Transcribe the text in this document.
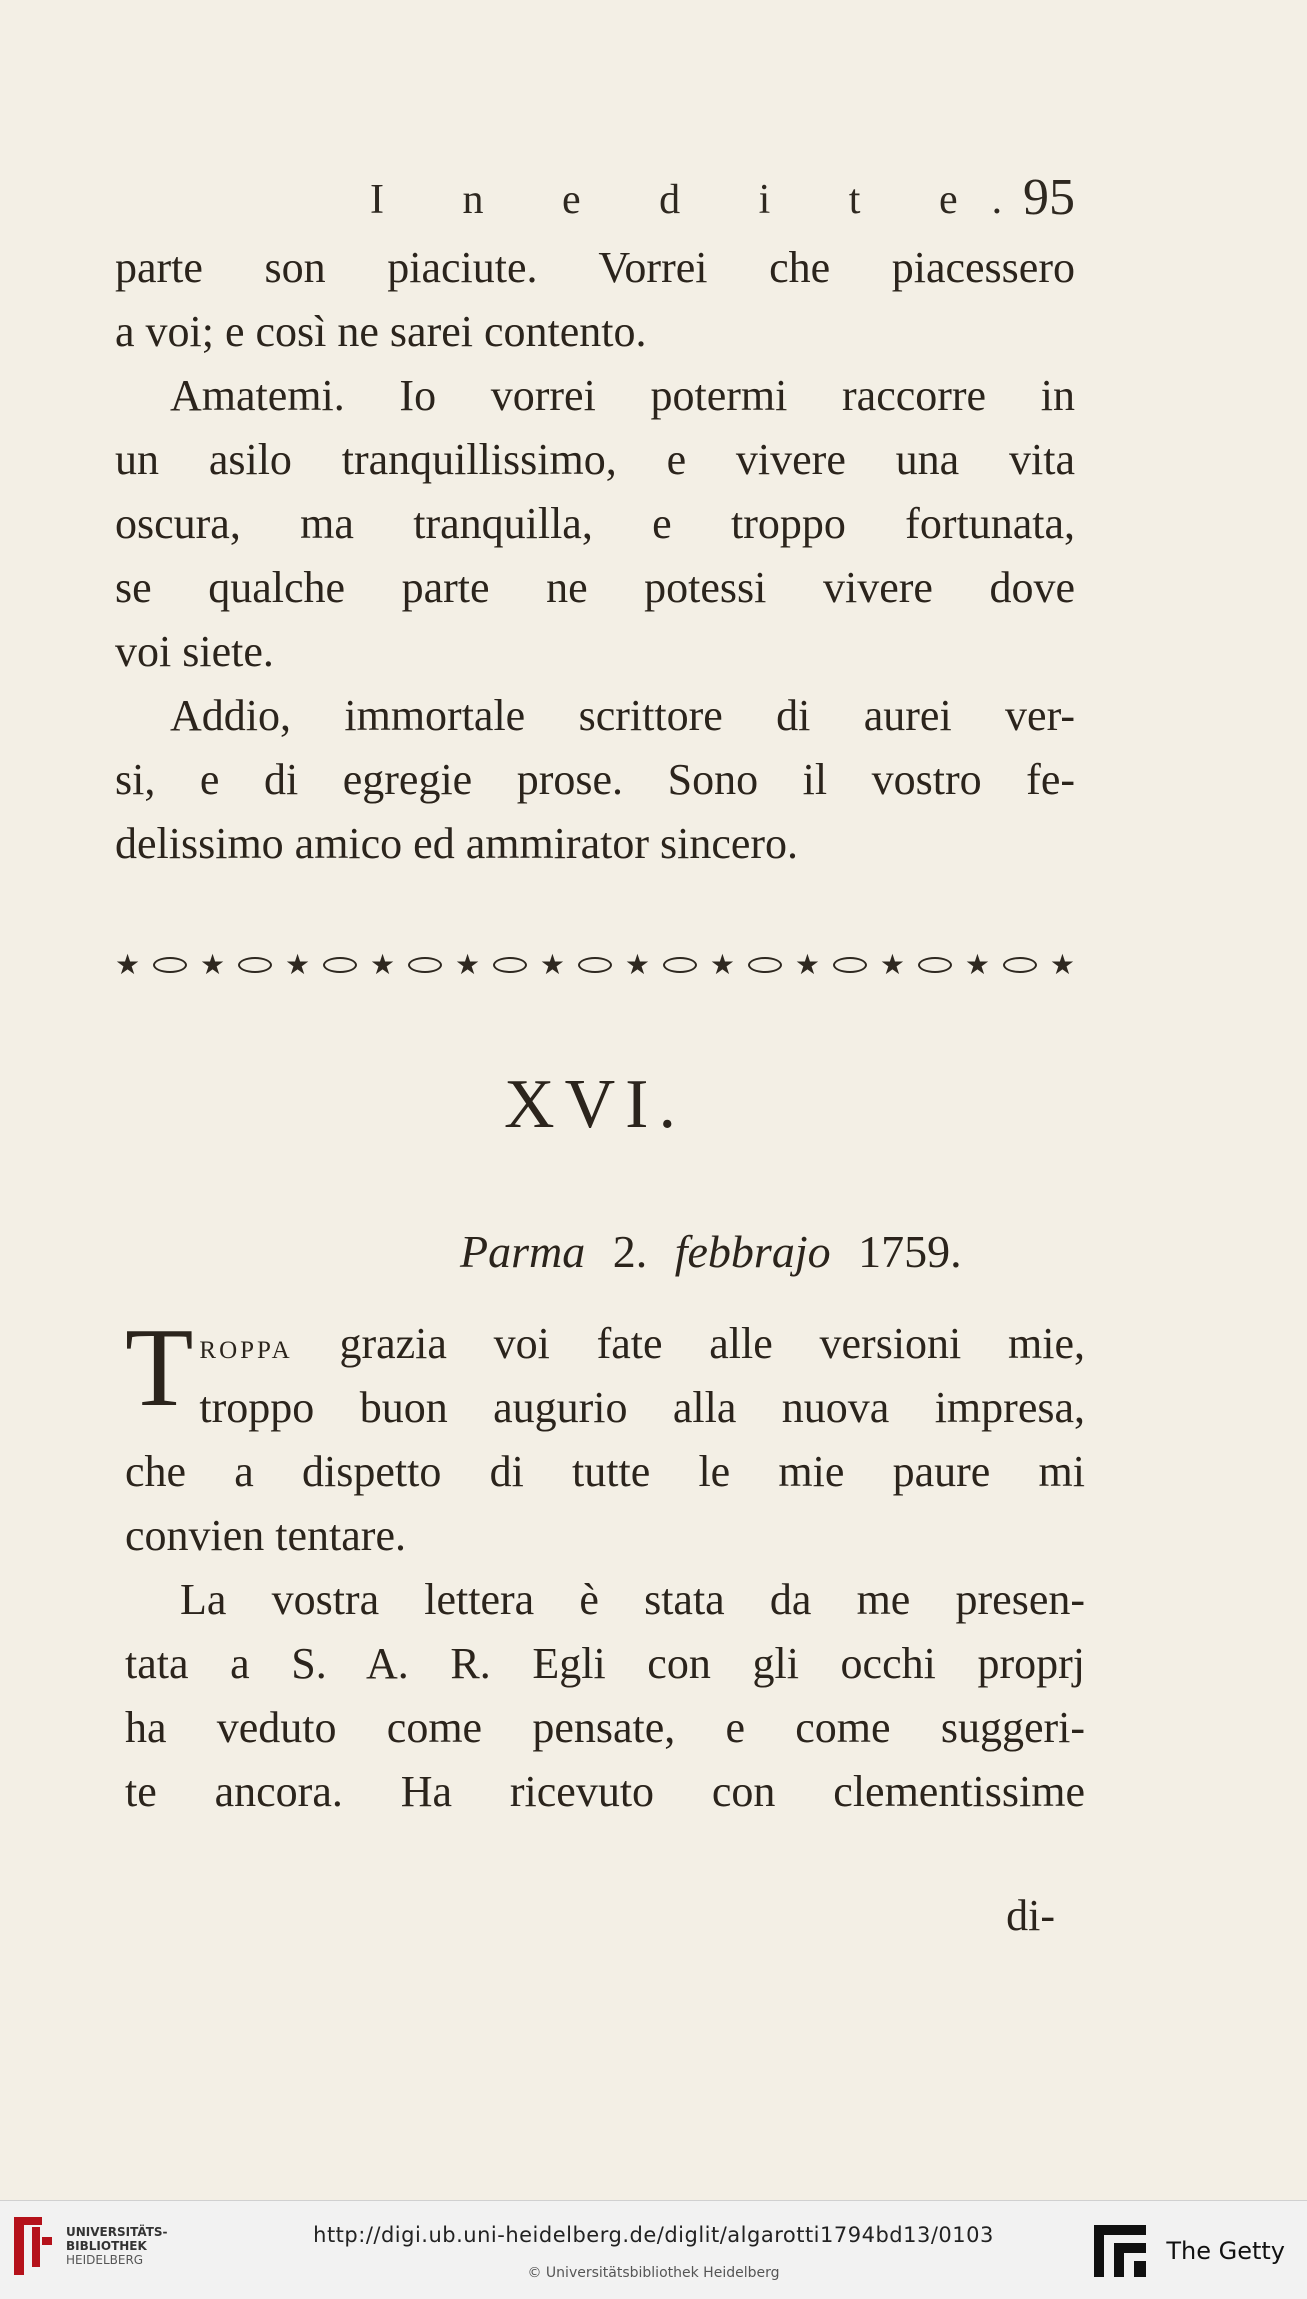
I n e d i t e.
95
parte son piaciute. Vorrei che piacessero
a voi; e così ne sarei contento.
Amatemi. Io vorrei potermi raccorre in
un asilo tranquillissimo, e vivere una vita
oscura, ma tranquilla, e troppo fortunata,
se qualche parte ne potessi vivere dove
voi siete.
Addio, immortale scrittore di aurei ver-
si, e di egregie prose. Sono il vostro fe-
delissimo amico ed ammirator sincero.
★ ★ ★ ★ ★ ★ ★ ★ ★ ★ ★ ★
XVI.
Parma 2. febbrajo 1759.
T roppa grazia voi fate alle versioni mie,
troppo buon augurio alla nuova impresa,
che a dispetto di tutte le mie paure mi
convien tentare.
La vostra lettera è stata da me presen-
tata a S. A. R. Egli con gli occhi proprj
ha veduto come pensate, e come suggeri-
te ancora. Ha ricevuto con clementissime
di-
UNIVERSITÄTS-
BIBLIOTHEK
HEIDELBERG
http://digi.ub.uni-heidelberg.de/diglit/algarotti1794bd13/0103
© Universitätsbibliothek Heidelberg
The Getty
